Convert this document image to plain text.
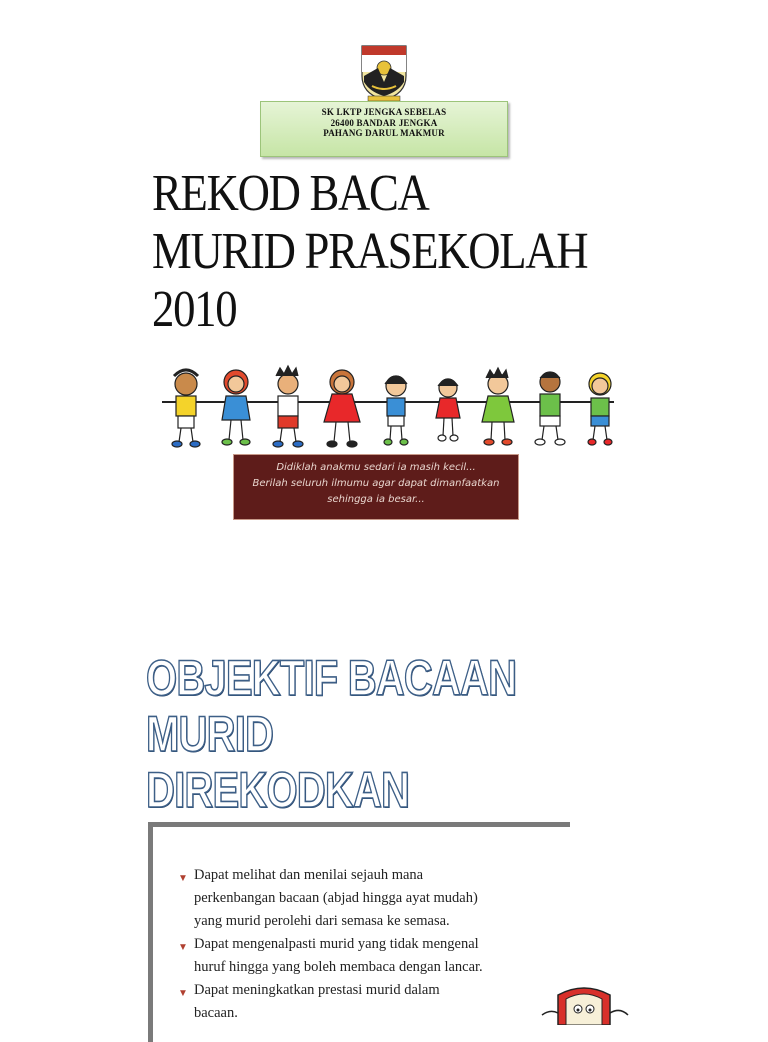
SK LKTP JENGKA SEBELAS
26400 BANDAR JENGKA
PAHANG DARUL MAKMUR
REKOD BACA
MURID PRASEKOLAH
2010
Didiklah anakmu sedari ia masih kecil...
Berilah seluruh ilmumu agar dapat dimanfaatkan
sehingga ia besar...
OBJEKTIF BACAAN MURID
DIREKODKAN
▼ Dapat melihat dan menilai sejauh mana
perkenbangan bacaan (abjad hingga ayat mudah)
yang murid perolehi dari semasa ke semasa.
▼ Dapat mengenalpasti murid yang tidak mengenal
huruf hingga yang boleh membaca dengan lancar.
▼ Dapat meningkatkan prestasi murid dalam
bacaan.
